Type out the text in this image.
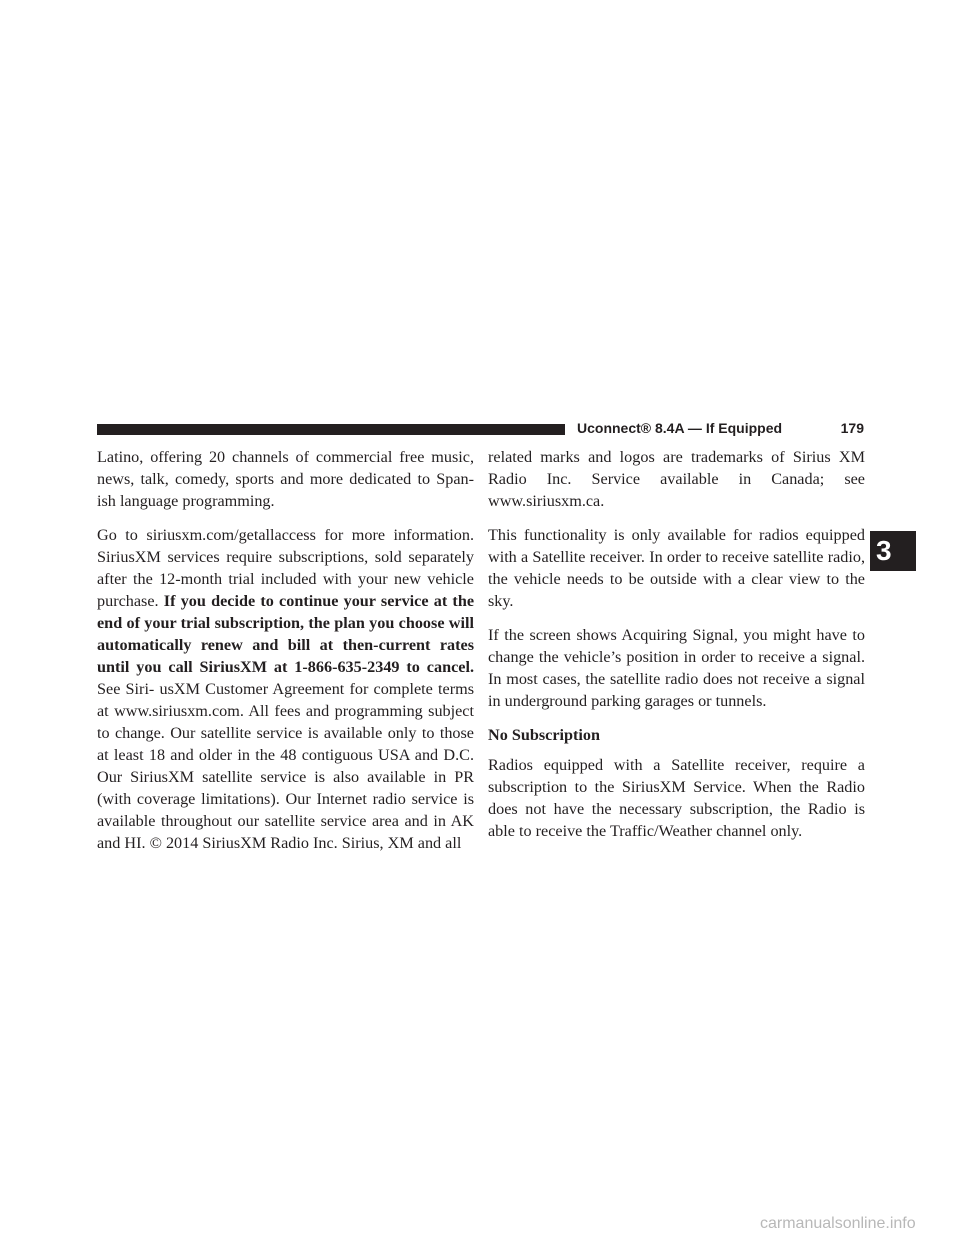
Uconnect® 8.4A — If Equipped	179

Latino, offering 20 channels of commercial free music, news, talk, comedy, sports and more dedicated to Span- ish language programming.

Go to siriusxm.com/getallaccess for more information. SiriusXM services require subscriptions, sold separately after the 12-month trial included with your new vehicle purchase. If you decide to continue your service at the end of your trial subscription, the plan you choose will automatically renew and bill at then-current rates until you call SiriusXM at 1-866-635-2349 to cancel. See Siri- usXM Customer Agreement for complete terms at www.siriusxm.com. All fees and programming subject to change. Our satellite service is available only to those at least 18 and older in the 48 contiguous USA and D.C. Our SiriusXM satellite service is also available in PR (with coverage limitations). Our Internet radio service is available throughout our satellite service area and in AK and HI. © 2014 SiriusXM Radio Inc. Sirius, XM and all

related marks and logos are trademarks of Sirius XM Radio Inc. Service available in Canada; see www.siriusxm.ca.

This functionality is only available for radios equipped with a Satellite receiver. In order to receive satellite radio, the vehicle needs to be outside with a clear view to the sky.

If the screen shows Acquiring Signal, you might have to change the vehicle’s position in order to receive a signal. In most cases, the satellite radio does not receive a signal in underground parking garages or tunnels.

No Subscription

Radios equipped with a Satellite receiver, require a subscription to the SiriusXM Service. When the Radio does not have the necessary subscription, the Radio is able to receive the Traffic/Weather channel only.

3
carmanualsonline.info
